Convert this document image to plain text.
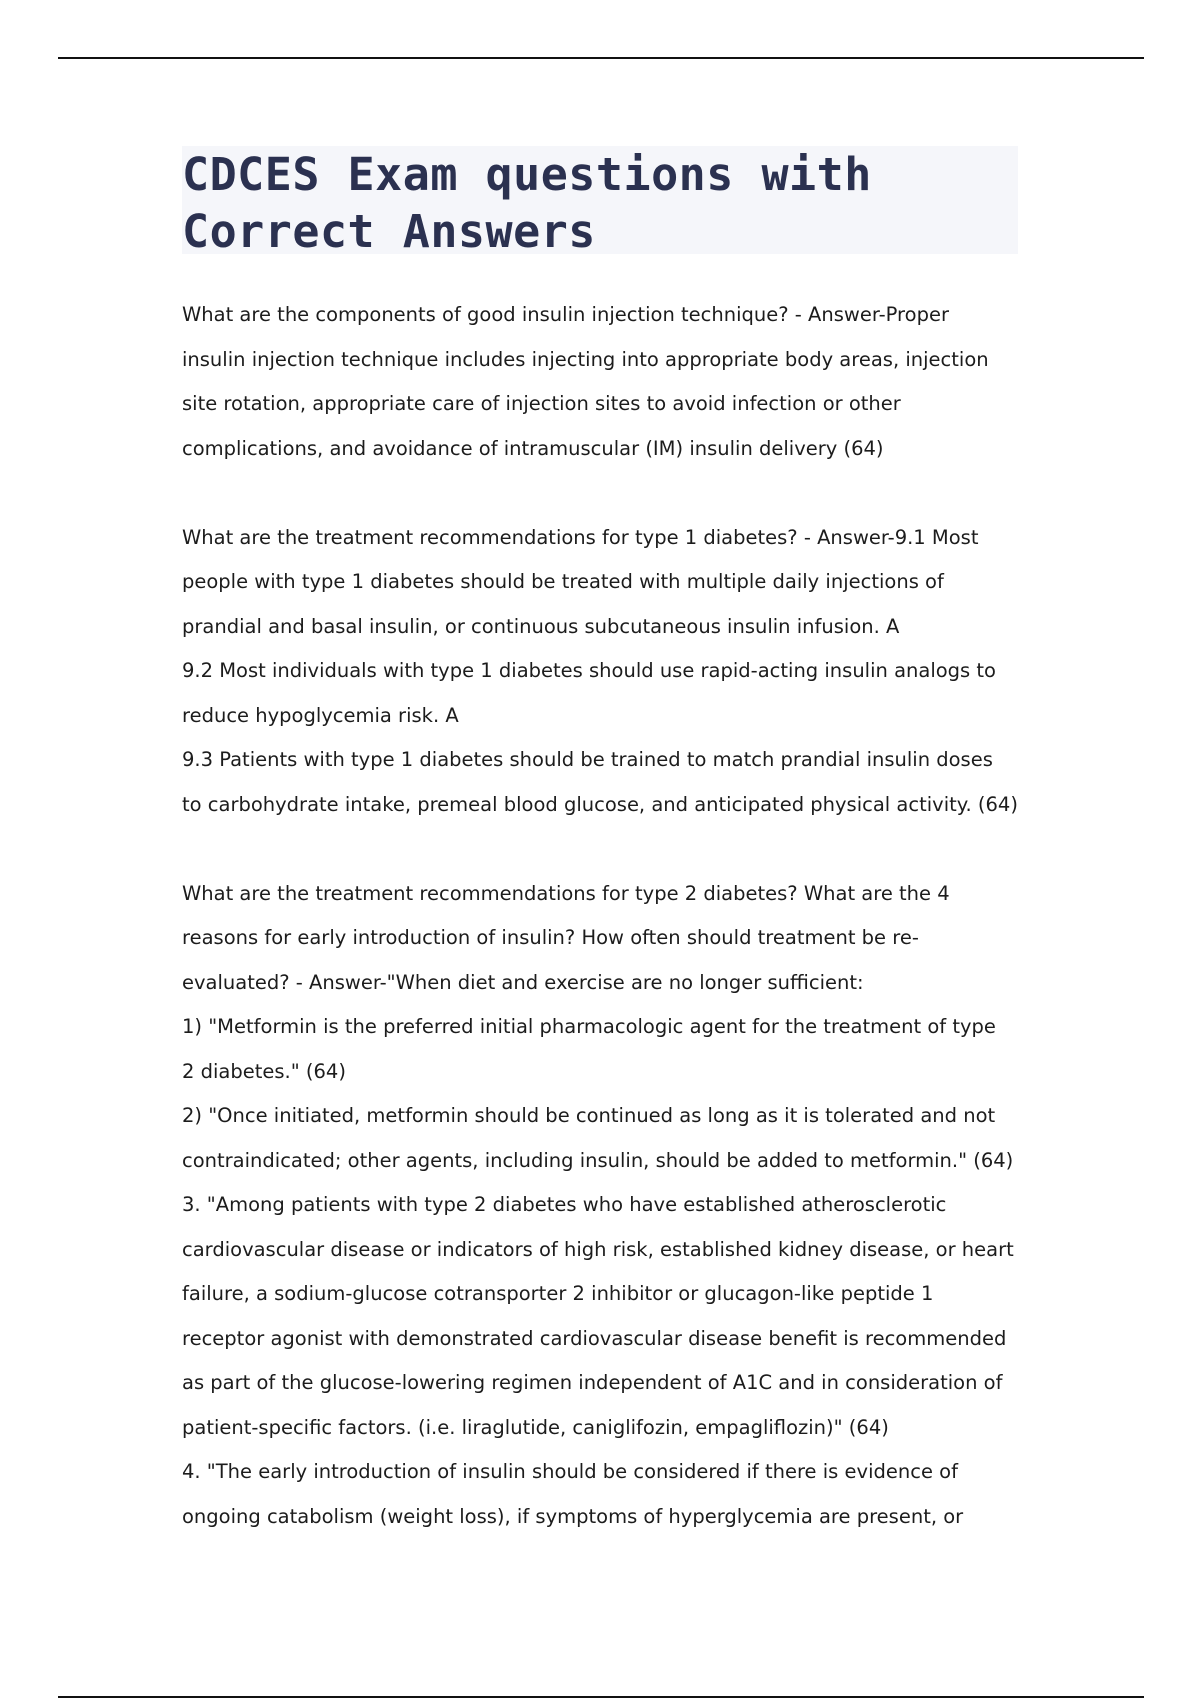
CDCES Exam questions with
Correct Answers
What are the components of good insulin injection technique? - Answer-Proper
insulin injection technique includes injecting into appropriate body areas, injection
site rotation, appropriate care of injection sites to avoid infection or other
complications, and avoidance of intramuscular (IM) insulin delivery (64)
What are the treatment recommendations for type 1 diabetes? - Answer-9.1 Most
people with type 1 diabetes should be treated with multiple daily injections of
prandial and basal insulin, or continuous subcutaneous insulin infusion. A
9.2 Most individuals with type 1 diabetes should use rapid-acting insulin analogs to
reduce hypoglycemia risk. A
9.3 Patients with type 1 diabetes should be trained to match prandial insulin doses
to carbohydrate intake, premeal blood glucose, and anticipated physical activity. (64)
What are the treatment recommendations for type 2 diabetes? What are the 4
reasons for early introduction of insulin? How often should treatment be re-
evaluated? - Answer-"When diet and exercise are no longer sufficient:
1) "Metformin is the preferred initial pharmacologic agent for the treatment of type
2 diabetes." (64)
2) "Once initiated, metformin should be continued as long as it is tolerated and not
contraindicated; other agents, including insulin, should be added to metformin." (64)
3. "Among patients with type 2 diabetes who have established atherosclerotic
cardiovascular disease or indicators of high risk, established kidney disease, or heart
failure, a sodium-glucose cotransporter 2 inhibitor or glucagon-like peptide 1
receptor agonist with demonstrated cardiovascular disease benefit is recommended
as part of the glucose-lowering regimen independent of A1C and in consideration of
patient-specific factors. (i.e. liraglutide, caniglifozin, empagliflozin)" (64)
4. "The early introduction of insulin should be considered if there is evidence of
ongoing catabolism (weight loss), if symptoms of hyperglycemia are present, or
